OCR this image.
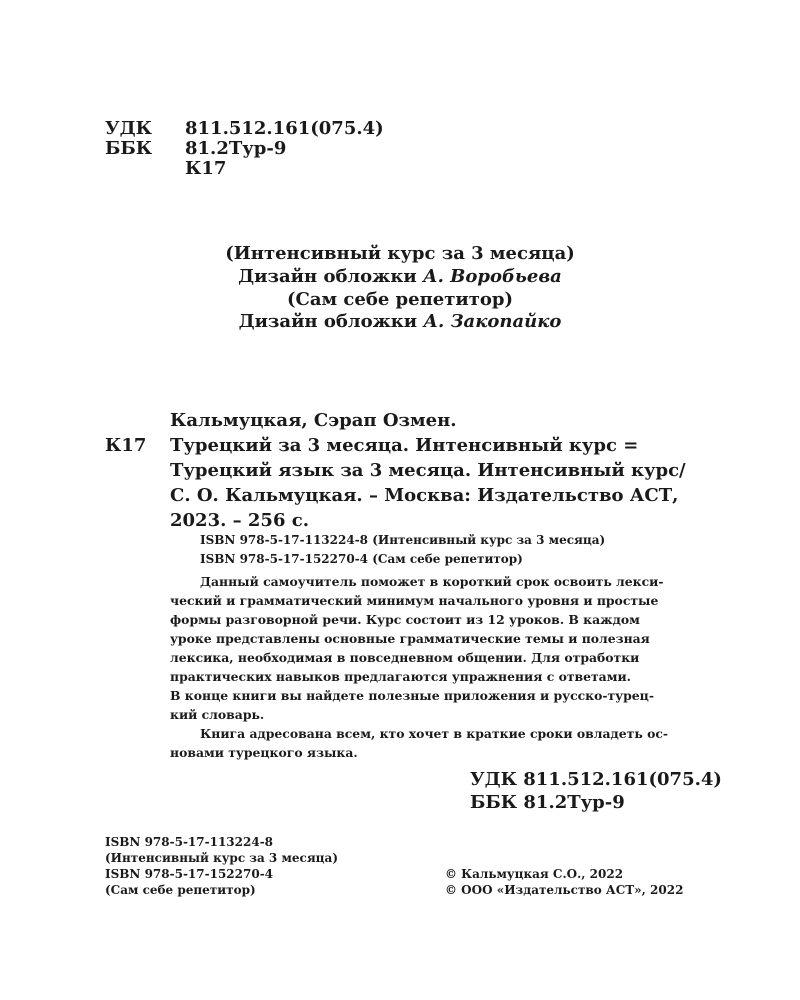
УДК 811.512.161(075.4)
ББК 81.2Тур-9
К17
(Интенсивный курс за 3 месяца)
Дизайн обложки А. Воробьева
(Сам себе репетитор)
Дизайн обложки А. Закопайко
Кальмуцкая, Сэрап Озмен.
К17 Турецкий за 3 месяца. Интенсивный курс =
Турецкий язык за 3 месяца. Интенсивный курс/
С. О. Кальмуцкая. – Москва: Издательство АСТ,
2023. – 256 с.
ISBN 978-5-17-113224-8 (Интенсивный курс за 3 месяца)
ISBN 978-5-17-152270-4 (Сам себе репетитор)
Данный самоучитель поможет в короткий срок освоить лекси-
ческий и грамматический минимум начального уровня и простые
формы разговорной речи. Курс состоит из 12 уроков. В каждом
уроке представлены основные грамматические темы и полезная
лексика, необходимая в повседневном общении. Для отработки
практических навыков предлагаются упражнения с ответами.
В конце книги вы найдете полезные приложения и русско-турец-
кий словарь.
Книга адресована всем, кто хочет в краткие сроки овладеть ос-
новами турецкого языка.
УДК 811.512.161(075.4)
ББК 81.2Тур-9
ISBN 978-5-17-113224-8
(Интенсивный курс за 3 месяца)
ISBN 978-5-17-152270-4
(Сам себе репетитор)
© Кальмуцкая С.О., 2022
© ООО «Издательство АСТ», 2022
